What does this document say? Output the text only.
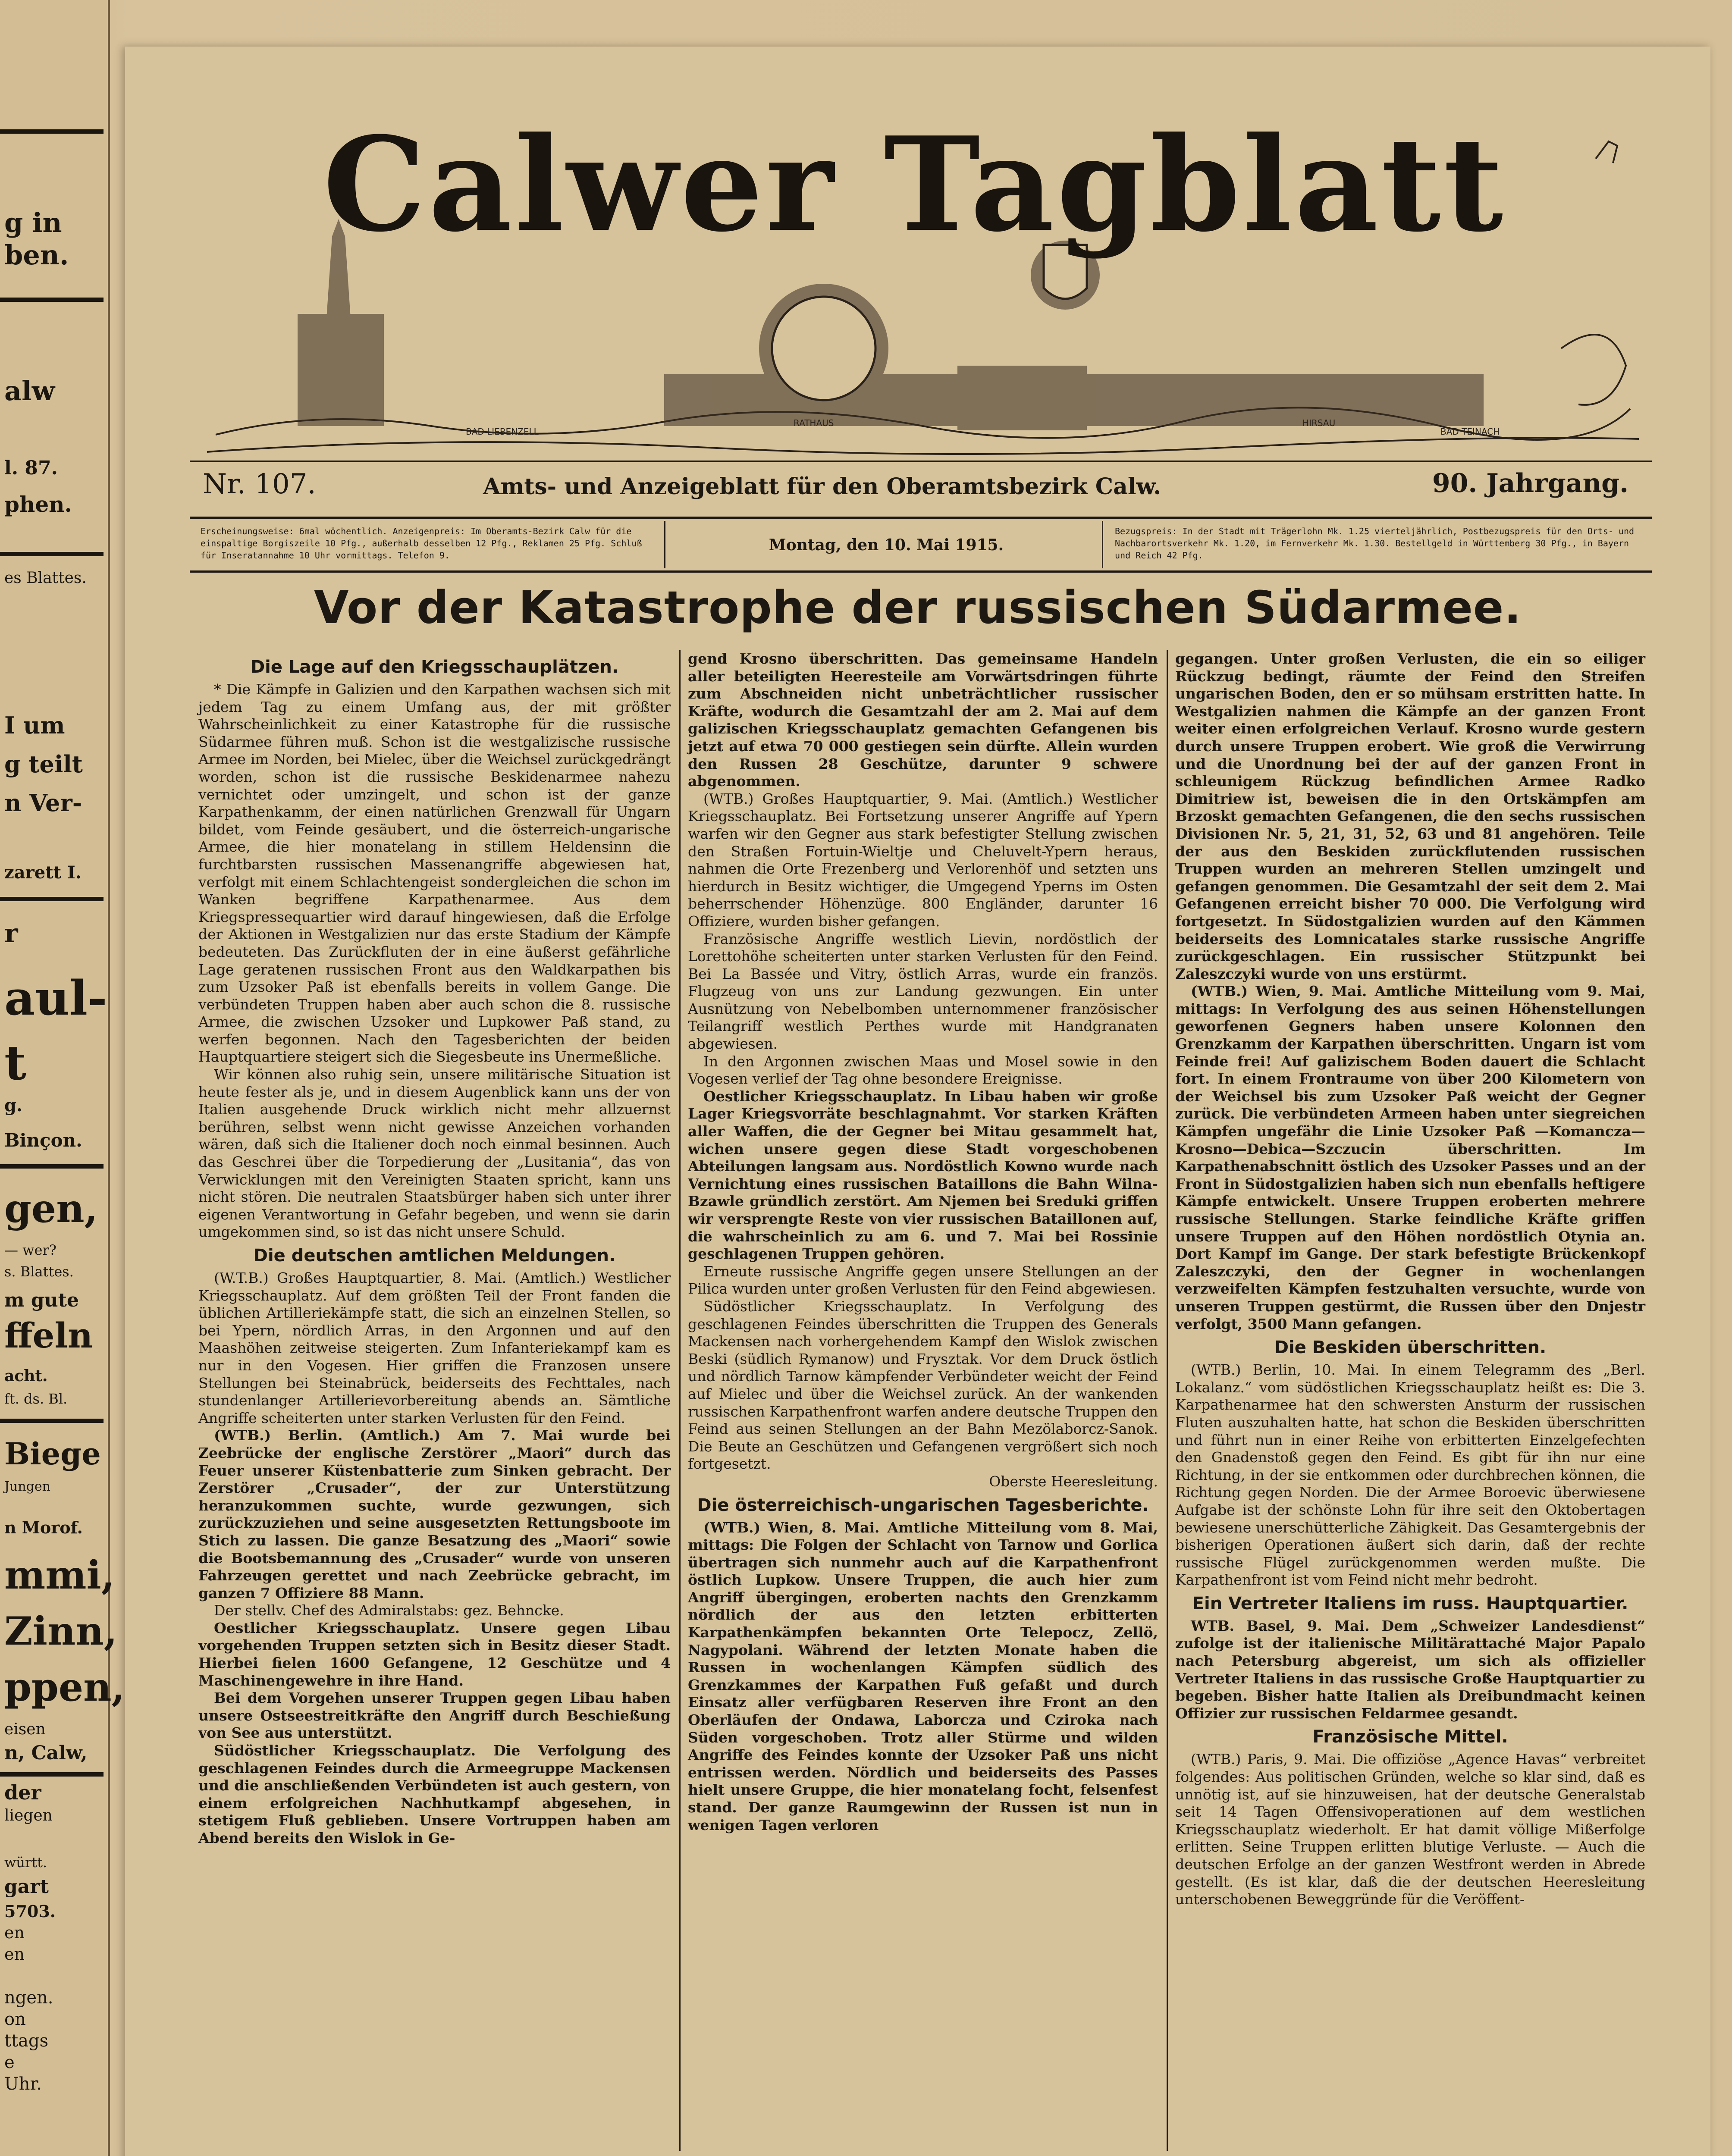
g in
ben.
alw
l. 87.
phen.
es Blattes.
I um
g teilt
n Ver-
zarett I.
r
aul-
t
g.
Binçon.
gen,
— wer?
s. Blattes.
m gute
ffeln
acht.
ft. ds. Bl.
Biege
Jungen
n Morof.
mmi,
Zinn,
ppen,
eisen
n, Calw,
der
liegen
württ.
gart
5703.
en
en
ngen.
on
ttags
e
Uhr.
RATHAUS	HIRSAU
BAD TEINACH
BAD LIEBENZELL
Calwer Tagblatt
Nr. 107.	Amts- und Anzeigeblatt für den Oberamtsbezirk Calw.	90. Jahrgang.
Erscheinungsweise: 6mal wöchentlich. Anzeigenpreis: Im Oberamts-Bezirk Calw für die einspaltige Borgiszeile 10 Pfg., außerhalb desselben 12 Pfg., Reklamen 25 Pfg. Schluß für Inseratannahme 10 Uhr vormittags. Telefon 9.
Montag, den 10. Mai 1915.
Bezugspreis: In der Stadt mit Trägerlohn Mk. 1.25 vierteljährlich, Postbezugspreis für den Orts- und Nachbarortsverkehr Mk. 1.20, im Fernverkehr Mk. 1.30. Bestellgeld in Württemberg 30 Pfg., in Bayern und Reich 42 Pfg.
Vor der Katastrophe der russischen Südarmee.
Die Lage auf den Kriegsschauplätzen.

* Die Kämpfe in Galizien und den Karpathen wachsen sich mit jedem Tag zu einem Umfang aus, der mit größter Wahrscheinlichkeit zu einer Katastrophe für die russische Südarmee führen muß. Schon ist die westgalizische russische Armee im Norden, bei Mielec, über die Weichsel zurückgedrängt worden, schon ist die russische Beskidenarmee nahezu vernichtet oder umzingelt, und schon ist der ganze Karpathenkamm, der einen natürlichen Grenzwall für Ungarn bildet, vom Feinde gesäubert, und die österreich-ungarische Armee, die hier monatelang in stillem Heldensinn die furchtbarsten russischen Massenangriffe abgewiesen hat, verfolgt mit einem Schlachtengeist sondergleichen die schon im Wanken begriffene Karpathenarmee. Aus dem Kriegspressequartier wird darauf hingewiesen, daß die Erfolge der Aktionen in Westgalizien nur das erste Stadium der Kämpfe bedeuteten. Das Zurückfluten der in eine äußerst gefährliche Lage geratenen russischen Front aus den Waldkarpathen bis zum Uzsoker Paß ist ebenfalls bereits in vollem Gange. Die verbündeten Truppen haben aber auch schon die 8. russische Armee, die zwischen Uzsoker und Lupkower Paß stand, zu werfen begonnen. Nach den Tagesberichten der beiden Hauptquartiere steigert sich die Siegesbeute ins Unermeßliche.

Wir können also ruhig sein, unsere militärische Situation ist heute fester als je, und in diesem Augenblick kann uns der von Italien ausgehende Druck wirklich nicht mehr allzuernst berühren, selbst wenn nicht gewisse Anzeichen vorhanden wären, daß sich die Italiener doch noch einmal besinnen. Auch das Geschrei über die Torpedierung der „Lusitania“, das von Verwicklungen mit den Vereinigten Staaten spricht, kann uns nicht stören. Die neutralen Staatsbürger haben sich unter ihrer eigenen Verantwortung in Gefahr begeben, und wenn sie darin umgekommen sind, so ist das nicht unsere Schuld.

Die deutschen amtlichen Meldungen.

(W.T.B.) Großes Hauptquartier, 8. Mai. (Amtlich.) Westlicher Kriegsschauplatz. Auf dem größten Teil der Front fanden die üblichen Artilleriekämpfe statt, die sich an einzelnen Stellen, so bei Ypern, nördlich Arras, in den Argonnen und auf den Maashöhen zeitweise steigerten. Zum Infanteriekampf kam es nur in den Vogesen. Hier griffen die Franzosen unsere Stellungen bei Steinabrück, beiderseits des Fechttales, nach stundenlanger Artillerievorbereitung abends an. Sämtliche Angriffe scheiterten unter starken Verlusten für den Feind.

(WTB.) Berlin. (Amtlich.) Am 7. Mai wurde bei Zeebrücke der englische Zerstörer „Maori“ durch das Feuer unserer Küstenbatterie zum Sinken gebracht. Der Zerstörer „Crusader“, der zur Unterstützung heranzukommen suchte, wurde gezwungen, sich zurückzuziehen und seine ausgesetzten Rettungsboote im Stich zu lassen. Die ganze Besatzung des „Maori“ sowie die Bootsbemannung des „Crusader“ wurde von unseren Fahrzeugen gerettet und nach Zeebrücke gebracht, im ganzen 7 Offiziere 88 Mann.

Der stellv. Chef des Admiralstabs: gez. Behncke.

Oestlicher Kriegsschauplatz. Unsere gegen Libau vorgehenden Truppen setzten sich in Besitz dieser Stadt. Hierbei fielen 1600 Gefangene, 12 Geschütze und 4 Maschinengewehre in ihre Hand.

Bei dem Vorgehen unserer Truppen gegen Libau haben unsere Ostseestreitkräfte den Angriff durch Beschießung von See aus unterstützt.

Südöstlicher Kriegsschauplatz. Die Verfolgung des geschlagenen Feindes durch die Armeegruppe Mackensen und die anschließenden Verbündeten ist auch gestern, von einem erfolgreichen Nachhutkampf abgesehen, in stetigem Fluß geblieben. Unsere Vortruppen haben am Abend bereits den Wislok in Ge-

gend Krosno überschritten. Das gemeinsame Handeln aller beteiligten Heeresteile am Vorwärtsdringen führte zum Abschneiden nicht unbeträchtlicher russischer Kräfte, wodurch die Gesamtzahl der am 2. Mai auf dem galizischen Kriegsschauplatz gemachten Gefangenen bis jetzt auf etwa 70 000 gestiegen sein dürfte. Allein wurden den Russen 28 Geschütze, darunter 9 schwere abgenommen.

(WTB.) Großes Hauptquartier, 9. Mai. (Amtlich.) Westlicher Kriegsschauplatz. Bei Fortsetzung unserer Angriffe auf Ypern warfen wir den Gegner aus stark befestigter Stellung zwischen den Straßen Fortuin-Wieltje und Cheluvelt-Ypern heraus, nahmen die Orte Frezenberg und Verlorenhöf und setzten uns hierdurch in Besitz wichtiger, die Umgegend Yperns im Osten beherrschender Höhenzüge. 800 Engländer, darunter 16 Offiziere, wurden bisher gefangen.

Französische Angriffe westlich Lievin, nordöstlich der Lorettohöhe scheiterten unter starken Verlusten für den Feind. Bei La Bassée und Vitry, östlich Arras, wurde ein französ. Flugzeug von uns zur Landung gezwungen. Ein unter Ausnützung von Nebelbomben unternommener französischer Teilangriff westlich Perthes wurde mit Handgranaten abgewiesen.

In den Argonnen zwischen Maas und Mosel sowie in den Vogesen verlief der Tag ohne besondere Ereignisse.

Oestlicher Kriegsschauplatz. In Libau haben wir große Lager Kriegsvorräte beschlagnahmt. Vor starken Kräften aller Waffen, die der Gegner bei Mitau gesammelt hat, wichen unsere gegen diese Stadt vorgeschobenen Abteilungen langsam aus. Nordöstlich Kowno wurde nach Vernichtung eines russischen Bataillons die Bahn Wilna-Bzawle gründlich zerstört. Am Njemen bei Sreduki griffen wir versprengte Reste von vier russischen Bataillonen auf, die wahrscheinlich zu am 6. und 7. Mai bei Rossinie geschlagenen Truppen gehören.

Erneute russische Angriffe gegen unsere Stellungen an der Pilica wurden unter großen Verlusten für den Feind abgewiesen.

Südöstlicher Kriegsschauplatz. In Verfolgung des geschlagenen Feindes überschritten die Truppen des Generals Mackensen nach vorhergehendem Kampf den Wislok zwischen Beski (südlich Rymanow) und Frysztak. Vor dem Druck östlich und nördlich Tarnow kämpfender Verbündeter weicht der Feind auf Mielec und über die Weichsel zurück. An der wankenden russischen Karpathenfront warfen andere deutsche Truppen den Feind aus seinen Stellungen an der Bahn Mezölaborcz-Sanok. Die Beute an Geschützen und Gefangenen vergrößert sich noch fortgesetzt.

Oberste Heeresleitung.

Die österreichisch-ungarischen Tagesberichte.

(WTB.) Wien, 8. Mai. Amtliche Mitteilung vom 8. Mai, mittags: Die Folgen der Schlacht von Tarnow und Gorlica übertragen sich nunmehr auch auf die Karpathenfront östlich Lupkow. Unsere Truppen, die auch hier zum Angriff übergingen, eroberten nachts den Grenzkamm nördlich der aus den letzten erbitterten Karpathenkämpfen bekannten Orte Telepocz, Zellö, Nagypolani. Während der letzten Monate haben die Russen in wochenlangen Kämpfen südlich des Grenzkammes der Karpathen Fuß gefaßt und durch Einsatz aller verfügbaren Reserven ihre Front an den Oberläufen der Ondawa, Laborcza und Cziroka nach Süden vorgeschoben. Trotz aller Stürme und wilden Angriffe des Feindes konnte der Uzsoker Paß uns nicht entrissen werden. Nördlich und beiderseits des Passes hielt unsere Gruppe, die hier monatelang focht, felsenfest stand. Der ganze Raumgewinn der Russen ist nun in wenigen Tagen verloren

gegangen. Unter großen Verlusten, die ein so eiliger Rückzug bedingt, räumte der Feind den Streifen ungarischen Boden, den er so mühsam erstritten hatte. In Westgalizien nahmen die Kämpfe an der ganzen Front weiter einen erfolgreichen Verlauf. Krosno wurde gestern durch unsere Truppen erobert. Wie groß die Verwirrung und die Unordnung bei der auf der ganzen Front in schleunigem Rückzug befindlichen Armee Radko Dimitriew ist, beweisen die in den Ortskämpfen am Brzoskt gemachten Gefangenen, die den sechs russischen Divisionen Nr. 5, 21, 31, 52, 63 und 81 angehören. Teile der aus den Beskiden zurückflutenden russischen Truppen wurden an mehreren Stellen umzingelt und gefangen genommen. Die Gesamtzahl der seit dem 2. Mai Gefangenen erreicht bisher 70 000. Die Verfolgung wird fortgesetzt. In Südostgalizien wurden auf den Kämmen beiderseits des Lomnicatales starke russische Angriffe zurückgeschlagen. Ein russischer Stützpunkt bei Zaleszczyki wurde von uns erstürmt.

(WTB.) Wien, 9. Mai. Amtliche Mitteilung vom 9. Mai, mittags: In Verfolgung des aus seinen Höhenstellungen geworfenen Gegners haben unsere Kolonnen den Grenzkamm der Karpathen überschritten. Ungarn ist vom Feinde frei! Auf galizischem Boden dauert die Schlacht fort. In einem Frontraume von über 200 Kilometern von der Weichsel bis zum Uzsoker Paß weicht der Gegner zurück. Die verbündeten Armeen haben unter siegreichen Kämpfen ungefähr die Linie Uzsoker Paß —Komancza—Krosno—Debica—Szczucin überschritten. Im Karpathenabschnitt östlich des Uzsoker Passes und an der Front in Südostgalizien haben sich nun ebenfalls heftigere Kämpfe entwickelt. Unsere Truppen eroberten mehrere russische Stellungen. Starke feindliche Kräfte griffen unsere Truppen auf den Höhen nordöstlich Otynia an. Dort Kampf im Gange. Der stark befestigte Brückenkopf Zaleszczyki, den der Gegner in wochenlangen verzweifelten Kämpfen festzuhalten versuchte, wurde von unseren Truppen gestürmt, die Russen über den Dnjestr verfolgt, 3500 Mann gefangen.

Die Beskiden überschritten.

(WTB.) Berlin, 10. Mai. In einem Telegramm des „Berl. Lokalanz.“ vom südöstlichen Kriegsschauplatz heißt es: Die 3. Karpathenarmee hat den schwersten Ansturm der russischen Fluten auszuhalten hatte, hat schon die Beskiden überschritten und führt nun in einer Reihe von erbitterten Einzelgefechten den Gnadenstoß gegen den Feind. Es gibt für ihn nur eine Richtung, in der sie entkommen oder durchbrechen können, die Richtung gegen Norden. Die der Armee Boroevic überwiesene Aufgabe ist der schönste Lohn für ihre seit den Oktobertagen bewiesene unerschütterliche Zähigkeit. Das Gesamtergebnis der bisherigen Operationen äußert sich darin, daß der rechte russische Flügel zurückgenommen werden mußte. Die Karpathenfront ist vom Feind nicht mehr bedroht.

Ein Vertreter Italiens im russ. Hauptquartier.

WTB. Basel, 9. Mai. Dem „Schweizer Landesdienst“ zufolge ist der italienische Militärattaché Major Papalo nach Petersburg abgereist, um sich als offizieller Vertreter Italiens in das russische Große Hauptquartier zu begeben. Bisher hatte Italien als Dreibundmacht keinen Offizier zur russischen Feldarmee gesandt.

Französische Mittel.

(WTB.) Paris, 9. Mai. Die offiziöse „Agence Havas“ verbreitet folgendes: Aus politischen Gründen, welche so klar sind, daß es unnötig ist, auf sie hinzuweisen, hat der deutsche Generalstab seit 14 Tagen Offensivoperationen auf dem westlichen Kriegsschauplatz wiederholt. Er hat damit völlige Mißerfolge erlitten. Seine Truppen erlitten blutige Verluste. — Auch die deutschen Erfolge an der ganzen Westfront werden in Abrede gestellt. (Es ist klar, daß die der deutschen Heeresleitung unterschobenen Beweggründe für die Veröffent-
